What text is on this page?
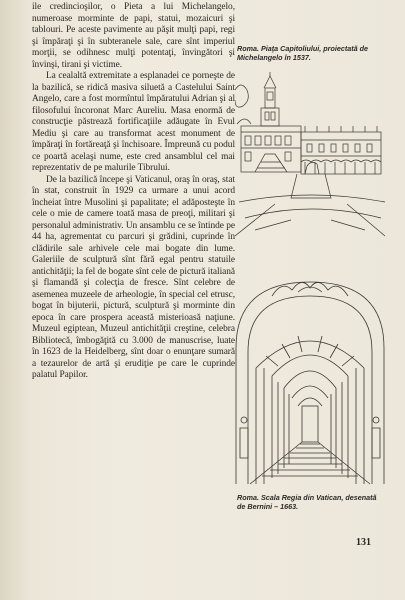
ile credincioşilor, o Pieta a lui Michelangelo, numeroase morminte de papi, statui, mozaicuri şi tablouri. Pe aceste pavimente au păşit mulţi papi, regi şi împăraţi şi în subteranele sale, care sînt imperiul morţii, se odihnesc mulţi potentaţi, învingători şi învinşi, tirani şi victime.

La cealaltă extremitate a esplanadei ce porneşte de la bazilică, se ridică masiva siluetă a Castelului Saint Angelo, care a fost mormîntul împăratului Adrian şi al filosofului încoronat Marc Aureliu. Masa enormă de construcţie păstrează fortificaţiile adăugate în Evul Mediu şi care au transformat acest monument de împăraţi în fortăreaţă şi închisoare. Împreună cu podul ce poartă acelaşi nume, este cred ansamblul cel mai reprezentativ de pe malurile Tibrului.

De la bazilică începe şi Vaticanul, oraş în oraş, stat în stat, construit în 1929 ca urmare a unui acord încheiat între Musolini şi papalitate; el adăposteşte în cele o mie de camere toată masa de preoţi, militari şi personalul administrativ. Un ansamblu ce se întinde pe 44 ha, agrementat cu parcuri şi grădini, cuprinde în clădirile sale arhivele cele mai bogate din lume. Galeriile de sculptură sînt fără egal pentru statuile antichităţii; la fel de bogate sînt cele de pictură italiană şi flamandă şi colecţia de fresce. Sînt celebre de asemenea muzeele de arheologie, în special cel etrusc, bogat în bijuterii, pictură, sculptură şi morminte din epoca în care prospera această misterioasă naţiune. Muzeul egiptean, Muzeul antichităţii creştine, celebra Bibliotecă, îmbogăţită cu 3.000 de manuscrise, luate în 1623 de la Heidelberg, sînt doar o enunţare sumară a tezaurelor de artă şi erudiţie pe care le cuprinde palatul Papilor.

Roma. Piaţa Capitoliului, proiectată de Michelangelo în 1537.
Roma. Scala Regia din Vatican, desenată de Bernini – 1663.
131
